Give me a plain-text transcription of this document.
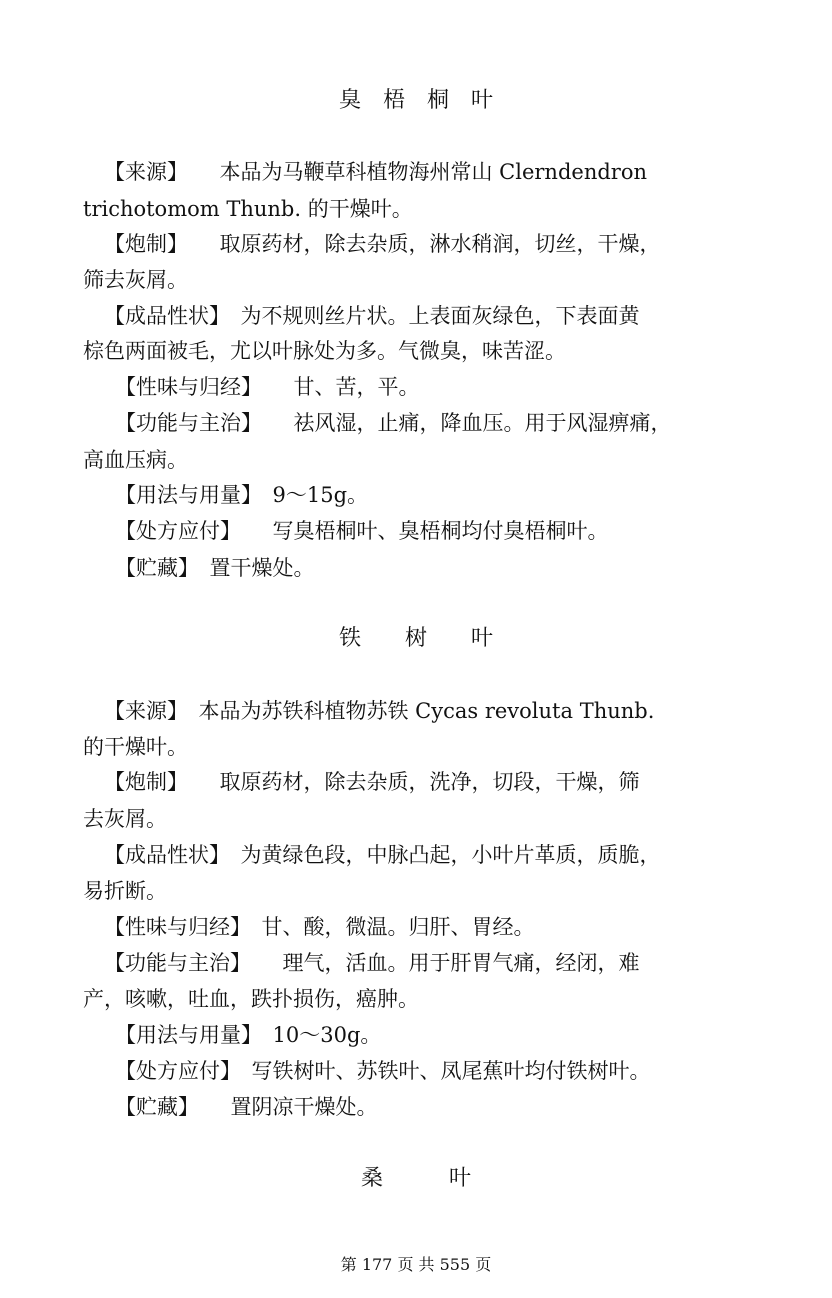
臭　梧　桐　叶
【来源】　　本品为马鞭草科植物海州常山 Clerndendron
trichotomom Thunb. 的干燥叶。
【炮制】　　取原药材，除去杂质，淋水稍润，切丝，干燥，
筛去灰屑。
【成品性状】　为不规则丝片状。上表面灰绿色，下表面黄
棕色两面被毛，尤以叶脉处为多。气微臭，味苦涩。
【性味与归经】　　甘、苦，平。
【功能与主治】　　祛风湿，止痛，降血压。用于风湿痹痛，
高血压病。
【用法与用量】　9～15g。
【处方应付】　　写臭梧桐叶、臭梧桐均付臭梧桐叶。
【贮藏】　置干燥处。
铁　　树　　叶
【来源】　本品为苏铁科植物苏铁 Cycas revoluta Thunb.
的干燥叶。
【炮制】　　取原药材，除去杂质，洗净，切段，干燥，筛
去灰屑。
【成品性状】　为黄绿色段，中脉凸起，小叶片革质，质脆，
易折断。
【性味与归经】　甘、酸，微温。归肝、胃经。
【功能与主治】　　理气，活血。用于肝胃气痛，经闭，难
产，咳嗽，吐血，跌扑损伤，癌肿。
【用法与用量】　10～30g。
【处方应付】　写铁树叶、苏铁叶、凤尾蕉叶均付铁树叶。
【贮藏】　　置阴凉干燥处。
桑　　　叶
第 177 页 共 555 页
